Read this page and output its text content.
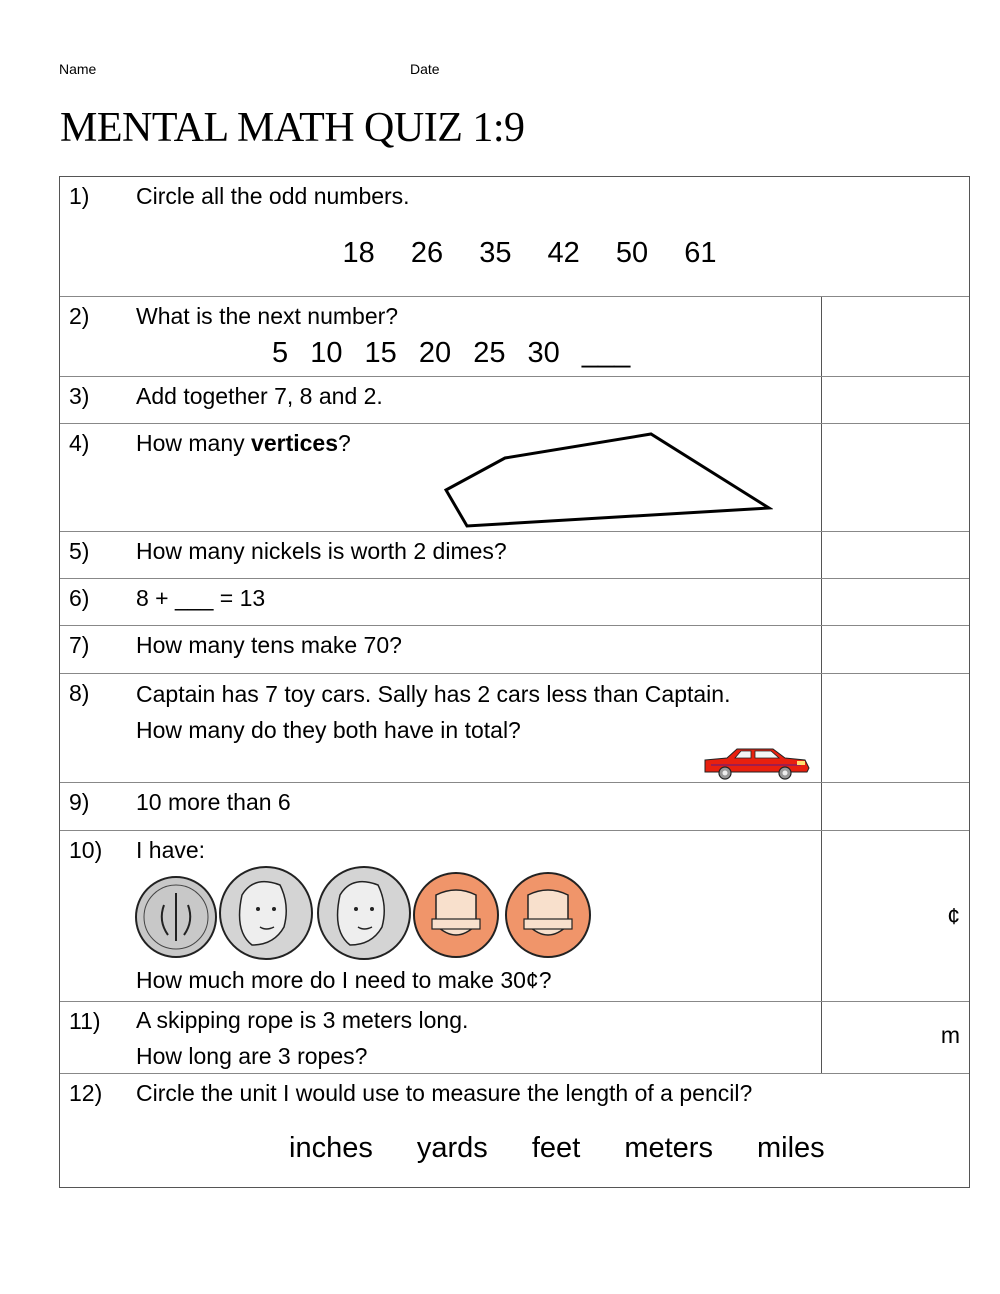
Name	Date
MENTAL MATH QUIZ 1:9
1) Circle all the odd numbers.
18 26 35 42 50 61
2) What is the next number?
5 10 15 20 25 30 ___
3) Add together 7, 8 and 2.
4) How many vertices?
5) How many nickels is worth 2 dimes?
6) 8 + ___ = 13
7) How many tens make 70?
8) Captain has 7 toy cars. Sally has 2 cars less than Captain.
How many do they both have in total?
9) 10 more than 6
10) I have:
How much more do I need to make 30¢?
¢
11) A skipping rope is 3 meters long.
How long are 3 ropes?
m
12) Circle the unit I would use to measure the length of a pencil?
inches yards feet meters miles
